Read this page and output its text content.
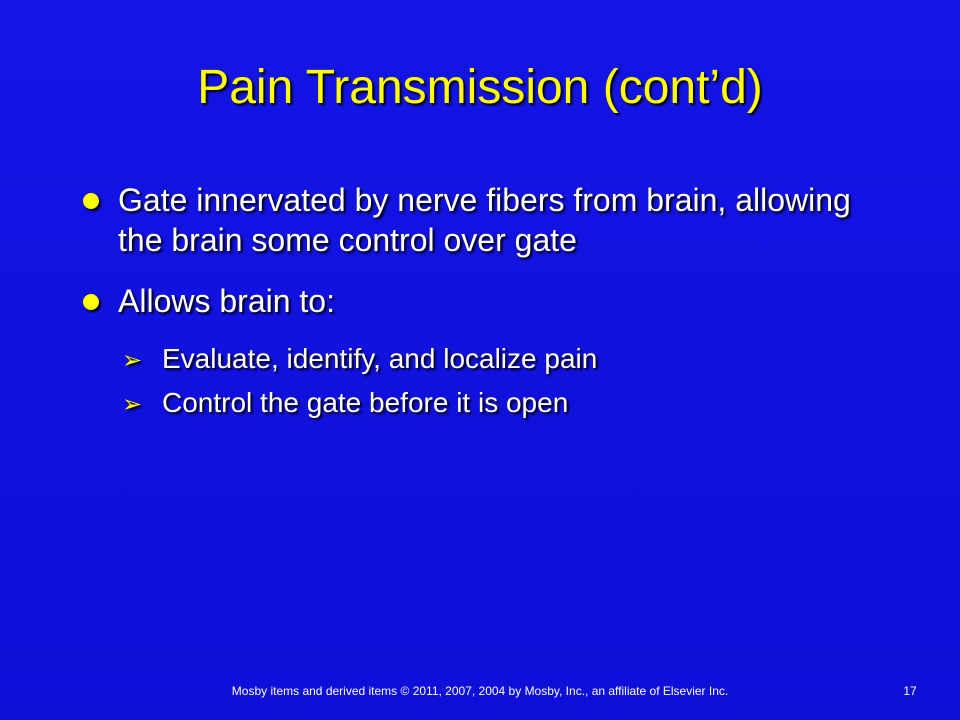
Pain Transmission (cont’d)
Gate innervated by nerve fibers from brain, allowing the brain some control over gate
Allows brain to:
➢ Evaluate, identify, and localize pain
➢ Control the gate before it is open
Mosby items and derived items © 2011, 2007, 2004 by Mosby, Inc., an affiliate of Elsevier Inc.	17
